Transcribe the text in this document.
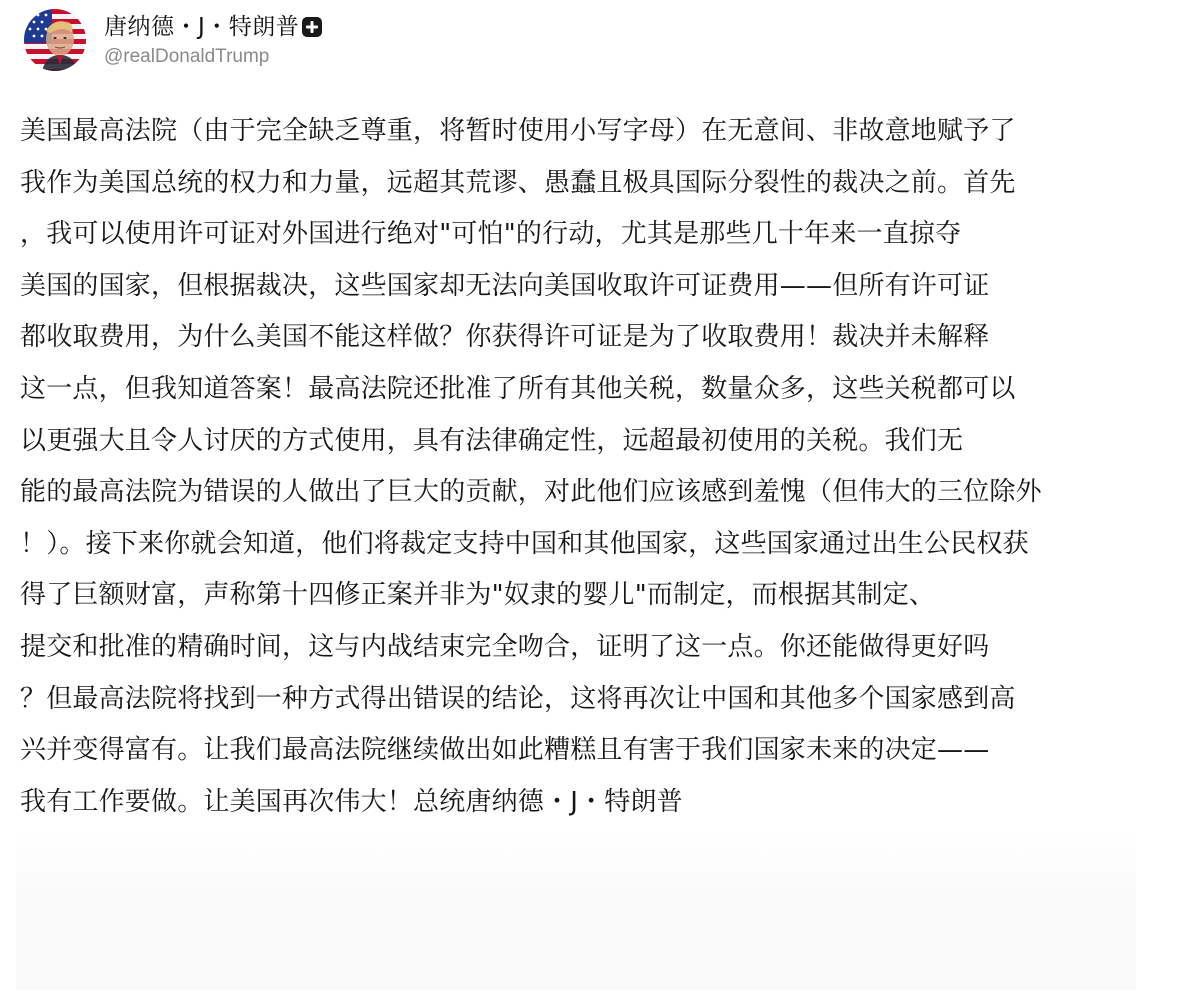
唐纳德・J・特朗普
@realDonaldTrump
美国最高法院（由于完全缺乏尊重，将暂时使用小写字母）在无意间、非故意地赋予了
我作为美国总统的权力和力量，远超其荒谬、愚蠢且极具国际分裂性的裁决之前。首先
，我可以使用许可证对外国进行绝对"可怕"的行动，尤其是那些几十年来一直掠夺
美国的国家，但根据裁决，这些国家却无法向美国收取许可证费用——但所有许可证
都收取费用，为什么美国不能这样做？你获得许可证是为了收取费用！裁决并未解释
这一点，但我知道答案！最高法院还批准了所有其他关税，数量众多，这些关税都可以
以更强大且令人讨厌的方式使用，具有法律确定性，远超最初使用的关税。我们无
能的最高法院为错误的人做出了巨大的贡献，对此他们应该感到羞愧（但伟大的三位除外
！）。接下来你就会知道，他们将裁定支持中国和其他国家，这些国家通过出生公民权获
得了巨额财富，声称第十四修正案并非为"奴隶的婴儿"而制定，而根据其制定、
提交和批准的精确时间，这与内战结束完全吻合，证明了这一点。你还能做得更好吗
？但最高法院将找到一种方式得出错误的结论，这将再次让中国和其他多个国家感到高
兴并变得富有。让我们最高法院继续做出如此糟糕且有害于我们国家未来的决定——
我有工作要做。让美国再次伟大！总统唐纳德・J・特朗普
